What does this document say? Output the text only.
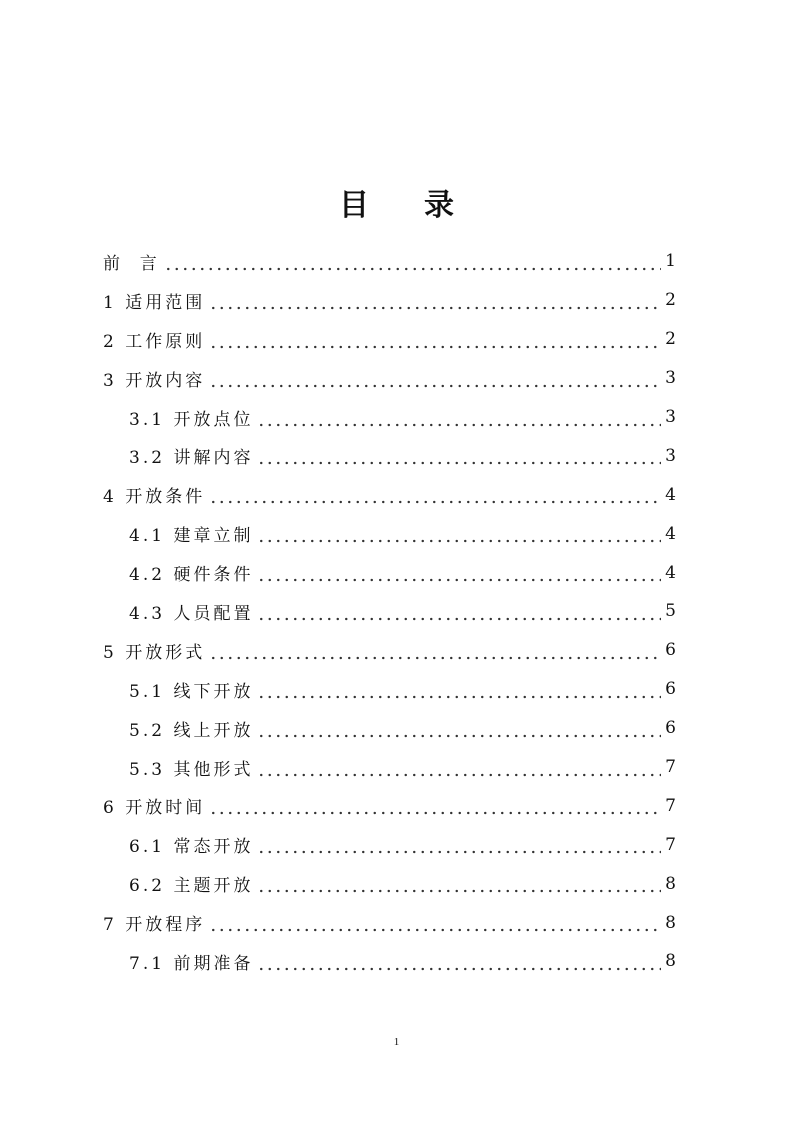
目录
前  言	1
1 适用范围	2
2 工作原则	2
3 开放内容	3
3.1 开放点位	3
3.2 讲解内容	3
4 开放条件	4
4.1 建章立制	4
4.2 硬件条件	4
4.3 人员配置	5
5 开放形式	6
5.1 线下开放	6
5.2 线上开放	6
5.3 其他形式	7
6 开放时间	7
6.1 常态开放	7
6.2 主题开放	8
7 开放程序	8
7.1 前期准备	8
1
